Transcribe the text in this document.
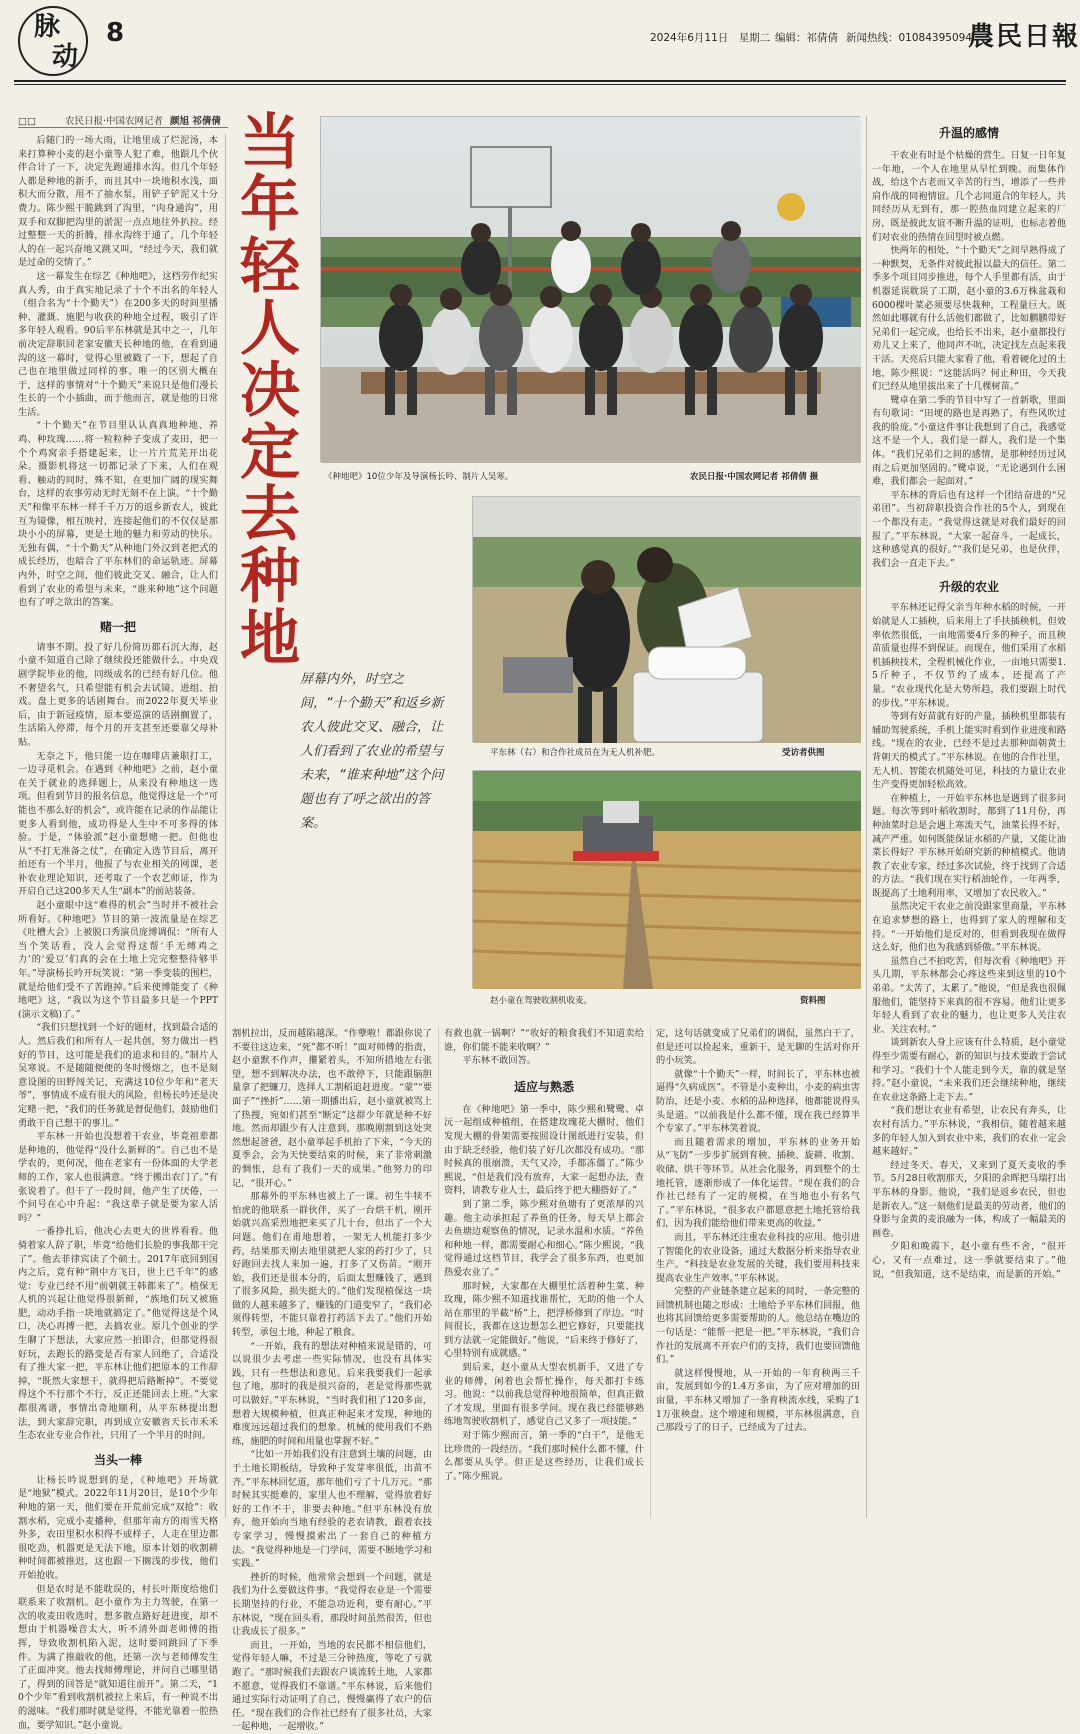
脉
动
8	2024年6月11日　星期二 编辑：祁倩倩 新闻热线：01084395094
農民日報
□□	农民日报·中国农网记者 颜旭 祁倩倩 当年轻人决定去种地	《种地吧》10位少年及导演杨长吟、制片人吴寒。	农民日报·中国农网记者 祁倩倩 摄
平东林（右）和合作社成员在为无人机补肥。	受访者供图
赵小童在驾驶收割机收麦。	资料图
屏幕内外，时空之间，“十个勤天”和返乡新农人彼此交叉、融合，让人们看到了农业的希望与未来，“谁来种地”这个问题也有了呼之欲出的答案。

后随门的一场大雨，让地里成了烂泥汤，本来打算种小麦的赵小童等人犯了难，他跟几个伙伴合计了一下，决定先跑通排水沟。但几个年轻人都是种地的新手，而且其中一块地积水浅，面积大而分散，用不了抽水泵，用铲子铲泥又十分费力。陈少熙干脆跳到了沟里，“肉身通沟”，用双手和双脚把沟里的淤泥一点点地往外扒拉。经过整整一天的折腾，排水沟终于通了，几个年轻人的在一起兴奋地又跳又叫，“经过今天，我们就是过命的交情了。”

这一幕发生在综艺《种地吧》，这档劳作纪实真人秀，由于真实地记录了十个不出名的年轻人（组合名为“十个勤天”）在200多天的时间里播种、灌溉、施肥与收获的种地全过程，吸引了许多年轻人观看。90后平东林就是其中之一，几年前决定辞职回老家安徽天长种地的他，在看到通沟的这一幕时，觉得心里被戳了一下，想起了自己也在地里做过同样的事。唯一的区别大概在于，这样的事情对“十个勤天”来说只是他们漫长生长的一个小插曲，而于他而言，就是他的日常生活。

“十个勤天”在节目里认认真真地种地、养鸡、种玫瑰……将一粒粒种子变成了麦田，把一个个鸡窝亲手搭建起来，让一片片荒芜开出花朵。摄影机将这一切都记录了下来，人们在观看、触动的同时，殊不知，在更加广阔的现实舞台，这样的农事劳动无时无刻不在上演。“十个勤天”和像平东林一样千千万万的返乡新农人，彼此互为镜像，相互映衬，连接起他们的不仅仅是那块小小的屏幕，更是土地的魅力和劳动的快乐。无独有偶，“十个勤天”从种地门外汉到老把式的成长经历，也暗合了平东林们的命运轨迹。屏幕内外，时空之间，他们彼此交叉、融合，让人们看到了农业的希望与未来，“谁来种地”这个问题也有了呼之欲出的答案。

赌一把

请事不期。投了好几份简历都石沉大海，赵小童不知道自己除了继续投还能做什么。中央戏剧学院毕业的他，同级成名的已经有好几位。他不奢望名气，只希望能有机会去试镜、进组、拍戏。盘上更多的话剧舞台。而2022年夏天毕业后，由于新冠疫情，原本要巡演的话剧搁置了，生活陷入停滞，每个月的开支甚至还要靠父母补贴。

无奈之下，他只能一边在咖啡店兼职打工，一边寻觅机会。在遇到《种地吧》之前，赵小童在关于就业的选择题上，从来没有种地这一选项。但看到节目的报名信息，他觉得这是一个“可能也不那么好的机会”，或许能在记录的作品能让更多人看到他，成功得是人生中不可多得的体验。于是，“体验派”赵小童想赌一把。但他也从“不打无准备之仗”，在确定入选节目后，离开拍还有一个半月，他报了与农业相关的网课，老补农业理论知识，还考取了一个农艺师证，作为开启自己这200多天人生“副本”的前站装备。

赵小童眼中这“难得的机会”当时并不被社会所看好。《种地吧》节目的第一波流量是在综艺《吐槽大会》上被脱口秀演员庞博调侃：“所有人当个笑话看，没人会觉得这帮‘手无缚鸡之力’的‘爱豆’们真的会在土地上完完整整待够半年。”导演杨长吟开玩笑说：“第一季变装的围栏，就是给他们受不了苦跑掉。”后来使博能变了《种地吧》这，“我以为这个节目最多只是一个PPT(演示文稿)了。”

“我们只想找到一个好的题材，找到最合适的人。然后我们和所有人一起共创，努力做出一档好的节目，这可能是我们的追求和目的。”制片人吴寒说。不是随随便便的冬时慢熔之，也不是刻意设图的田野闯关记，充满这10位少年和“老天爷”，事情成不成有很大的风险，但杨长吟还是决定赌一把，“我们的任务就是督促他们，鼓励他们勇敢干自己想干的事儿。”

平东林一开始也没想着干农业，毕竟祖辈都是种地的，他觉得“没什么新鲜的”。自己也不是学农的，更何况，他在老家有一份体面的大学老师的工作，家人也很满意。“终于搬出农门了。”有张说着了。但干了一段时间，他产生了厌倦，一个问号在心中升起：“我这辈子就是要为家人活吗？”

一番挣扎后，他决心去更大的世界看看。他骑着家人辞了职，毕竟“给他们长脸的事我都干完了”。他去菲律宾读了个硕士。2017年底回到国内之后，竟有种“荆中方飞日，世上已千年”的感觉：专业已经不用“前朝就王韩都来了”。植保无人机的兴起让他觉得很新鲜，“族地们玩又被施肥，动动手指一块地就搞定了。”他觉得这是个风口，决心再搏一把，去搞农业。原几个创业的学生聊了下想法，大家应然一拍即合，但都觉得很好玩，去跑长的路变是否有家人回绝了，合适没有了推大家一把，平东林让他们把原本的工作辞掉，“既然大家想干，就得把后路断掉”。不要觉得这个不行那个不行，反正还能回去上班。”大家都很离谱，事情出奇地顺利，从平东林提出想法，到大家辞完职，再到成立安徽省天长市禾禾生态农业专业合作社，只用了一个半月的时间。

当头一棒

让杨长吟说想到的是，《种地吧》开场就是“地狱”模式。2022年11月20日，是10个少年种地的第一天，他们要在开荒前完成“双抢”：收割水稻，完成小麦播种，但那年南方的雨雪天格外多，农田里积水积得不成样子，人走在里边都很吃劲，机器更是无法下地，原本计划的收割耕种时间都被推迟，这也跟一下搁浅的步伐，他们开始抢收。

但是农时是不能耽误的，村长叶斯度给他们联系来了收割机。赵小童作为主力驾驶，在第一次的收麦田收选时，想多散点路好赶进度，却不想由于机器噪音太大，听不清外面老师傅的指挥，导致收割机陷入泥，这时要同跳回了下季件。为满了推敲收的他，还第一次与老师傅发生了正面冲突。他去找师傅理论，并问自己哪里错了，得到的回答是“就知道往前开”。第二天，“10个少年”看到收割机被拉上来后，有一种说不出的滋味。“我们那时就是觉得，不能光靠着一腔热血，要学知识。”赵小童说。

割机拉出，反而越陷越深。“作孽啦！都跟你说了不要往这边来，“死”都不听！”面对师傅的指责，赵小童默不作声，攥紧着头，不知所措地左右张望，想不到解决办法，也不敢停下，只能跟脑胆量拿了把镰刀，选择人工割稻追赶进度。“蒙”“要面子”“挫折”……第一期播出后，赵小童就被骂上了热搜，宛如们甚至“断定”这群少年就是种不好地。然而却跟少有人注意到，那晚刚割到这处突然想起爸爸，赵小童举起手机拍了下来，“今天的夏季会，会为天快要结束的时候，来了非常刺激的惆怅，总有了我们一天的成果。”他努力的印记，“很开心。”

那幕外的平东林也被上了一课。初生牛犊不怕虎的他联系一群伙伴，买了一台烘干机，刚开始就兴高采烈地把来买了几十台，但出了一个大问题。他们在甫地想着，一架无人机能打多少药，结果那天刚去地里就把人家的药打少了，只好跑回去找人来加一遍，打多了又伤苗。“刚开始，我们还是很本分的，后面太想赚钱了，遇到了很多风险，损失挺大的。”他们发现植保这一块做的人越来越多了，赚钱的门道变窄了，“我们必须得转型，不能只靠着打药活下去了。”他们开始转型，承包土地，种起了粮食。

“一开始，我有的想法对种植来说是错的，可以说很少去考虑一些实际情况，也没有具体实践，只有一些想法和意见。后来我要我们一起承包了地，那时的我是很兴奋的，老是觉得那些就可以做好。”平东林说，“当时我们租了120多亩，想着大规模种植，但真正种起来才发现，种地的难度远远超过我们的想象。机械的使用我们不熟练，施肥的时间和用量也掌握不好。”

“比如一开始我们没有注意到土壤的问题，由于土地长期板结，导致种子发芽率很低，出苗不齐。”平东林回忆道，那年他们亏了十几万元。“那时候其实挺难的，家里人也不理解，觉得放着好好的工作不干，非要去种地。”但平东林没有放弃，他开始向当地有经验的老农请教，跟着农技专家学习，慢慢摸索出了一套自己的种植方法。“我觉得种地是一门学问，需要不断地学习和实践。”

挫折的时候，他常常会想到一个问题，就是我们为什么要做这件事。“我觉得农业是一个需要长期坚持的行业，不能急功近利，要有耐心。”平东林说，“现在回头看，那段时间虽然很苦，但也让我成长了很多。”

而且，一开始，当地的农民都不相信他们，觉得年轻人嘛，不过是三分钟热度，等吃了亏就跑了。“那时候我们去跟农户谈流转土地，人家都不愿意，觉得我们不靠谱。”平东林说，后来他们通过实际行动证明了自己，慢慢赢得了农户的信任。“现在我们的合作社已经有了很多社员，大家一起种地，一起增收。”

有救也就一锅啊？”“收好的粮食我们不知道卖给谁，你们能不能来收啊？”

平东林不敢回答。

适应与熟悉

在《种地吧》第一季中，陈少熙和鹭鹭、卓沅一起组成种植组，在搭建玫瑰花大棚时，他们发现大棚的骨架需要按照设计图纸进行安装，但由于缺乏经验，他们装了好几次都没有成功。“那时候真的很崩溃，天气又冷，手都冻僵了。”陈少熙说，“但是我们没有放弃，大家一起想办法，查资料，请教专业人士，最后终于把大棚搭好了。”

到了第二季，陈少熙对鱼塘有了更浓厚的兴趣。他主动承担起了养鱼的任务，每天早上都会去鱼塘边观察鱼的情况，记录水温和水质。“养鱼和种地一样，都需要耐心和细心。”陈少熙说，“我觉得通过这档节目，我学会了很多东西，也更加热爱农业了。”

那时候，大家都在大棚里忙活着种生菜、种玫瑰，陈少熙不知道找谁帮忙，无助的他一个人站在那里的半截“桥”上，把浮桥修到了岸边。“时间很长，我都在这边想怎么把它修好，只要能找到方法就一定能做好。”他说，“后来终于修好了，心里特别有成就感。”

到后来，赵小童从大型农机新手，又进了专业的师傅，闲着也会帮忙操作，每天都打卡练习。他说：“以前我总觉得种地很简单，但真正做了才发现，里面有很多学问。现在我已经能够熟练地驾驶收割机了，感觉自己又多了一项技能。”

对于陈少熙而言，第一季的“白干”，是他无比珍贵的一段经历。“我们那时候什么都不懂，什么都要从头学。但正是这些经历，让我们成长了。”陈少熙说。

定，这句话就变成了兄弟们的调侃，虽然白干了，但是还可以捡起来，重新干，是无聊的生活对你开的小玩笑。

就像“十个勤天”一样，时间长了，平东林也被逼得“久病成医”。不管是小麦种出，小麦的病虫害防治，还是小麦、水稻的品种选择，他都能说得头头是道。“以前我是什么都不懂，现在我已经算半个专家了。”平东林笑着说。

而且随着需求的增加，平东林的业务开始从“飞防”一步步扩展到育秧、插秧、旋耕、收割、收储、烘干等环节。从社会化服务，再到整个的土地托管，逐渐形成了一体化运营。“现在我们的合作社已经有了一定的规模，在当地也小有名气了。”平东林说，“很多农户都愿意把土地托管给我们，因为我们能给他们带来更高的收益。”

而且，平东林还注重农业科技的应用。他引进了智能化的农业设备，通过大数据分析来指导农业生产。“科技是农业发展的关键，我们要用科技来提高农业生产效率。”平东林说。

完整的产业链条建立起来的同时，一条完整的回馈机制也随之形成：土地给予平东林们回报，他也将其回馈给更多需要帮助的人。他总结在嘴边的一句话是：“能帮一把是一把。”平东林说，“我们合作社的发展离不开农户们的支持，我们也要回馈他们。”

就这样慢慢地，从一开始的一年育秧两三千亩，发展到如今的1.4万多亩，为了应对增加的田亩量，平东林又增加了一条育秧流水线，采购了11万张秧盘。这个增速和规模，平东林很满意，自己那段亏了的日子，已经成为了过去。

升温的感情

干农业有时是个枯燥的营生。日复一日年复一年地，一个人在地里从早忙到晚。而集体作战，给这个古老而又辛苦的行当，增添了一些并肩作战的同袍情谊。几个志同道合的年轻人，共同经历从无到有，那一腔热血同建立起来的厂房，既是彼此友谊不断升温的证明，也标志着他们对农业的热情在回望时被点燃。

快两年的相处，“十个勤天”之间早熟得成了一种默契，无条件对彼此报以最大的信任。第二季多个项目同步推进，每个人手里都有活，由于机器延误耽误了工期，赵小童的3.6万株盆栽和6000棵叶菜必须要尽快栽种，工程量巨大。既然如此哪就有什么活他们都做了，比如鹏鹏带好兄弟们一起完成，也给长不出来，赵小童都投行劝儿又上来了，他同声不吭，决定找左点起来我干活。天亮后只能大家看了他，看着硬化过的土地，陈少熙说：“这能活吗？何止种田，今天我们已经从地里拔出来了十几棵树苗。”

鹭卓在第二季的节目中写了一首新歌，里面有句歌词：“田埂的路也是再熟了，有些风吹过我的脸庞。”小童这件事让我想到了自己，我感觉这不是一个人，我们是一群人，我们是一个集体。“我们兄弟们之间的感情，是那种经历过风雨之后更加坚固的。”鹭卓说，“无论遇到什么困难，我们都会一起面对。”

平东林的背后也有这样一个团结奋进的“兄弟团”。当初辞职投资合作社的5个人，到现在一个都没有走。“我觉得这就是对我们最好的回报了。”平东林说，“大家一起奋斗，一起成长，这种感觉真的很好。”“我们是兄弟，也是伙伴，我们会一直走下去。”

升级的农业

平东林还记得父亲当年种水稻的时候，一开始就是人工插秧，后来用上了手扶插秧机，但效率依然很低，一亩地需要4斤多的种子，而且秧苗质量也得不到保证。而现在，他们采用了水稻机插秧技术，全程机械化作业，一亩地只需要1.5斤种子，不仅节约了成本，还提高了产量。“农业现代化是大势所趋，我们要跟上时代的步伐。”平东林说。

等到有好苗就有好的产量，插秧机里都装有辅助驾驶系统，手机上能实时看到作业进度和路线。“现在的农业，已经不是过去那种面朝黄土背朝天的模式了。”平东林说。在他的合作社里，无人机、智能农机随处可见，科技的力量让农业生产变得更加轻松高效。

在种植上，一开始平东林也是遇到了很多问题。每次等到叶稻收割时，都到了11月份，再种油菜时总是会遇上寒流天气，油菜长得不好，减产严重。如何既能保证水稻的产量，又能让油菜长得好？平东林开始研究新的种植模式。他请教了农业专家，经过多次试验，终于找到了合适的方法。“我们现在实行稻油轮作，一年两季，既提高了土地利用率，又增加了农民收入。”

虽然决定干农业之前没跟家里商量，平东林在追求梦想的路上，也得到了家人的理解和支持。“一开始他们是反对的，但看到我现在做得这么好，他们也为我感到骄傲。”平东林说。

虽然自己不拍吃苦，但每次看《种地吧》开头几期，平东林都会心疼这些来到这里的10个弟弟。“太苦了，太累了。”他说，“但是我也很佩服他们，能坚持下来真的很不容易。他们让更多年轻人看到了农业的魅力，也让更多人关注农业、关注农村。”

谈到新农人身上应该有什么特质，赵小童觉得至少需要有耐心，新的知识与技术要敢于尝试和学习。“我们十个人能走到今天，靠的就是坚持。”赵小童说，“未来我们还会继续种地，继续在农业这条路上走下去。”

“我们想让农业有希望，让农民有奔头，让农村有活力。”平东林说，“我相信，随着越来越多的年轻人加入到农业中来，我们的农业一定会越来越好。”

经过冬天、春天，又来到了夏天麦收的季节。5月28日收割那天，夕阳的余晖把马瑞打出平东林的身影。他说，“我们是返乡农民，但也是新农人。”这一刻他们是最美的劳动者，他们的身影与金黄的麦浪融为一体，构成了一幅最美的画卷。

夕阳和晚霞下，赵小童有些不舍，“很开心，又有一点难过，这一季就要结束了。”他说，“但我知道，这不是结束，而是新的开始。”
